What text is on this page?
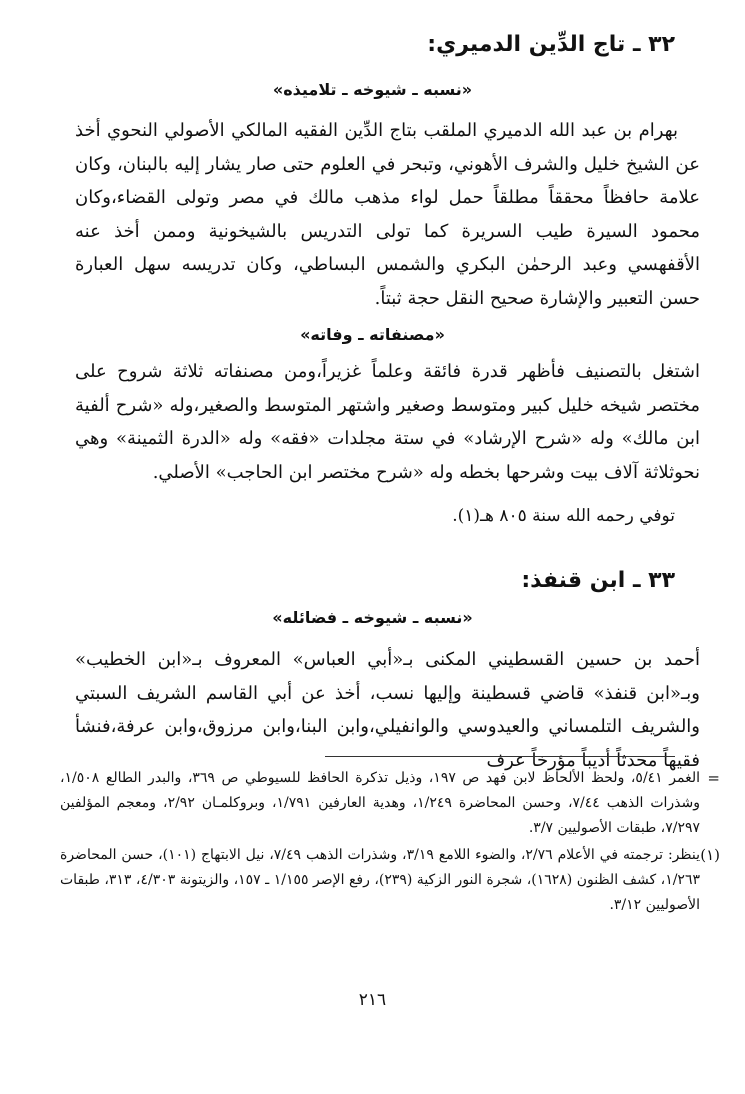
٣٢ ـ تاج الدِّين الدميري:
«نسبه ـ شيوخه ـ تلاميذه»
بهرام بن عبد الله الدميري الملقب بتاج الدِّين الفقيه المالكي الأصولي النحوي أخذ عن الشيخ خليل والشرف الأهوني، وتبحر في العلوم حتى صار يشار إليه بالبنان، وكان علامة حافظاً محققاً مطلقاً حمل لواء مذهب مالك في مصر وتولى القضاء،وكان محمود السيرة طيب السريرة كما تولى التدريس بالشيخونية وممن أخذ عنه الأقفهسي وعبد الرحمٰن البكري والشمس البساطي، وكان تدريسه سهل العبارة حسن التعبير والإشارة صحيح النقل حجة ثبتاً.
«مصنفاته ـ وفاته»
اشتغل بالتصنيف فأظهر قدرة فائقة وعلماً غزيراً،ومن مصنفاته ثلاثة شروح على مختصر شيخه خليل كبير ومتوسط وصغير واشتهر المتوسط والصغير،وله «شرح ألفية ابن مالك» وله «شرح الإرشاد» في ستة مجلدات «فقه» وله «الدرة الثمينة» وهي نحوثلاثة آلاف بيت وشرحها بخطه وله «شرح مختصر ابن الحاجب» الأصلي.
توفي رحمه الله سنة ٨٠٥ هـ(١).
٣٣ ـ ابن قنفذ:
«نسبه ـ شيوخه ـ فضائله»
أحمد بن حسين القسطيني المكنى بـ«أبي العباس» المعروف بـ«ابن الخطيب» وبـ«ابن قنفذ» قاضي قسطينة وإليها نسب، أخذ عن أبي القاسم الشريف السبتي والشريف التلمساني والعيدوسي والوانفيلي،وابن البنا،وابن مرزوق،وابن عرفة،فنشأ فقيهاً محدثاً أديباً مؤرخاً عرف
=
الغمر ٥/٤١، ولحظ الألحاظ لابن فهد ص ١٩٧، وذيل تذكرة الحافظ للسيوطي ص ٣٦٩، والبدر الطالع ١/٥٠٨، وشذرات الذهب ٧/٤٤، وحسن المحاضرة ١/٢٤٩، وهدية العارفين ١/٧٩١، وبروكلمـان ٢/٩٢، ومعجم المؤلفين ٧/٢٩٧، طبقات الأصوليين ٣/٧.
(١)
ينظر: ترجمته في الأعلام ٢/٧٦، والضوء اللامع ٣/١٩، وشذرات الذهب ٧/٤٩، نيل الابتهاج (١٠١)، حسن المحاضرة ١/٢٦٣، كشف الظنون (١٦٢٨)، شجرة النور الزكية (٢٣٩)، رفع الإصر ١/١٥٥ ـ ١٥٧، والزيتونة ٤/٣٠٣، ٣١٣، طبقات الأصوليين ٣/١٢.
٢١٦
